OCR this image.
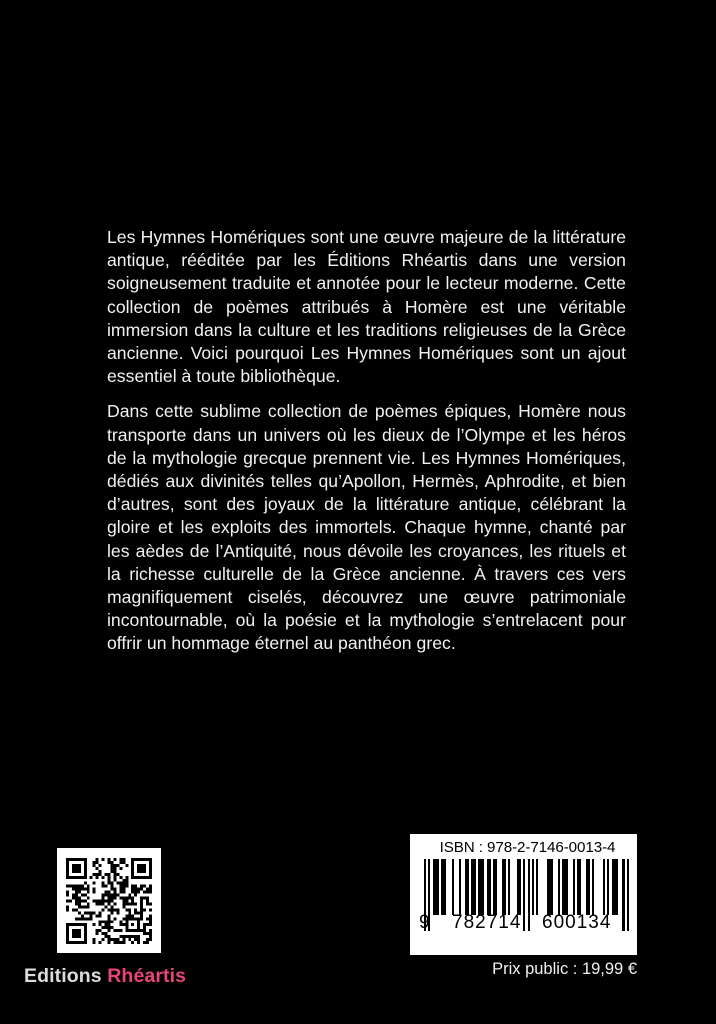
Les Hymnes Homériques sont une œuvre majeure de la littérature antique, rééditée par les Éditions Rhéartis dans une version soigneusement traduite et annotée pour le lecteur moderne. Cette collection de poèmes attribués à Homère est une véritable immersion dans la culture et les traditions religieuses de la Grèce ancienne. Voici pourquoi Les Hymnes Homériques sont un ajout essentiel à toute bibliothèque.

Dans cette sublime collection de poèmes épiques, Homère nous transporte dans un univers où les dieux de l’Olympe et les héros de la mythologie grecque prennent vie. Les Hymnes Homériques, dédiés aux divinités telles qu’Apollon, Hermès, Aphrodite, et bien d’autres, sont des joyaux de la littérature antique, célébrant la gloire et les exploits des immortels. Chaque hymne, chanté par les aèdes de l’Antiquité, nous dévoile les croyances, les rituels et la richesse culturelle de la Grèce ancienne. À travers ces vers magnifiquement ciselés, découvrez une œuvre patrimoniale incontournable, où la poésie et la mythologie s’entrelacent pour offrir un hommage éternel au panthéon grec.

Editions Rhéartis
ISBN : 978-2-7146-0013-4
9 782714 600134
Prix public : 19,99 €
